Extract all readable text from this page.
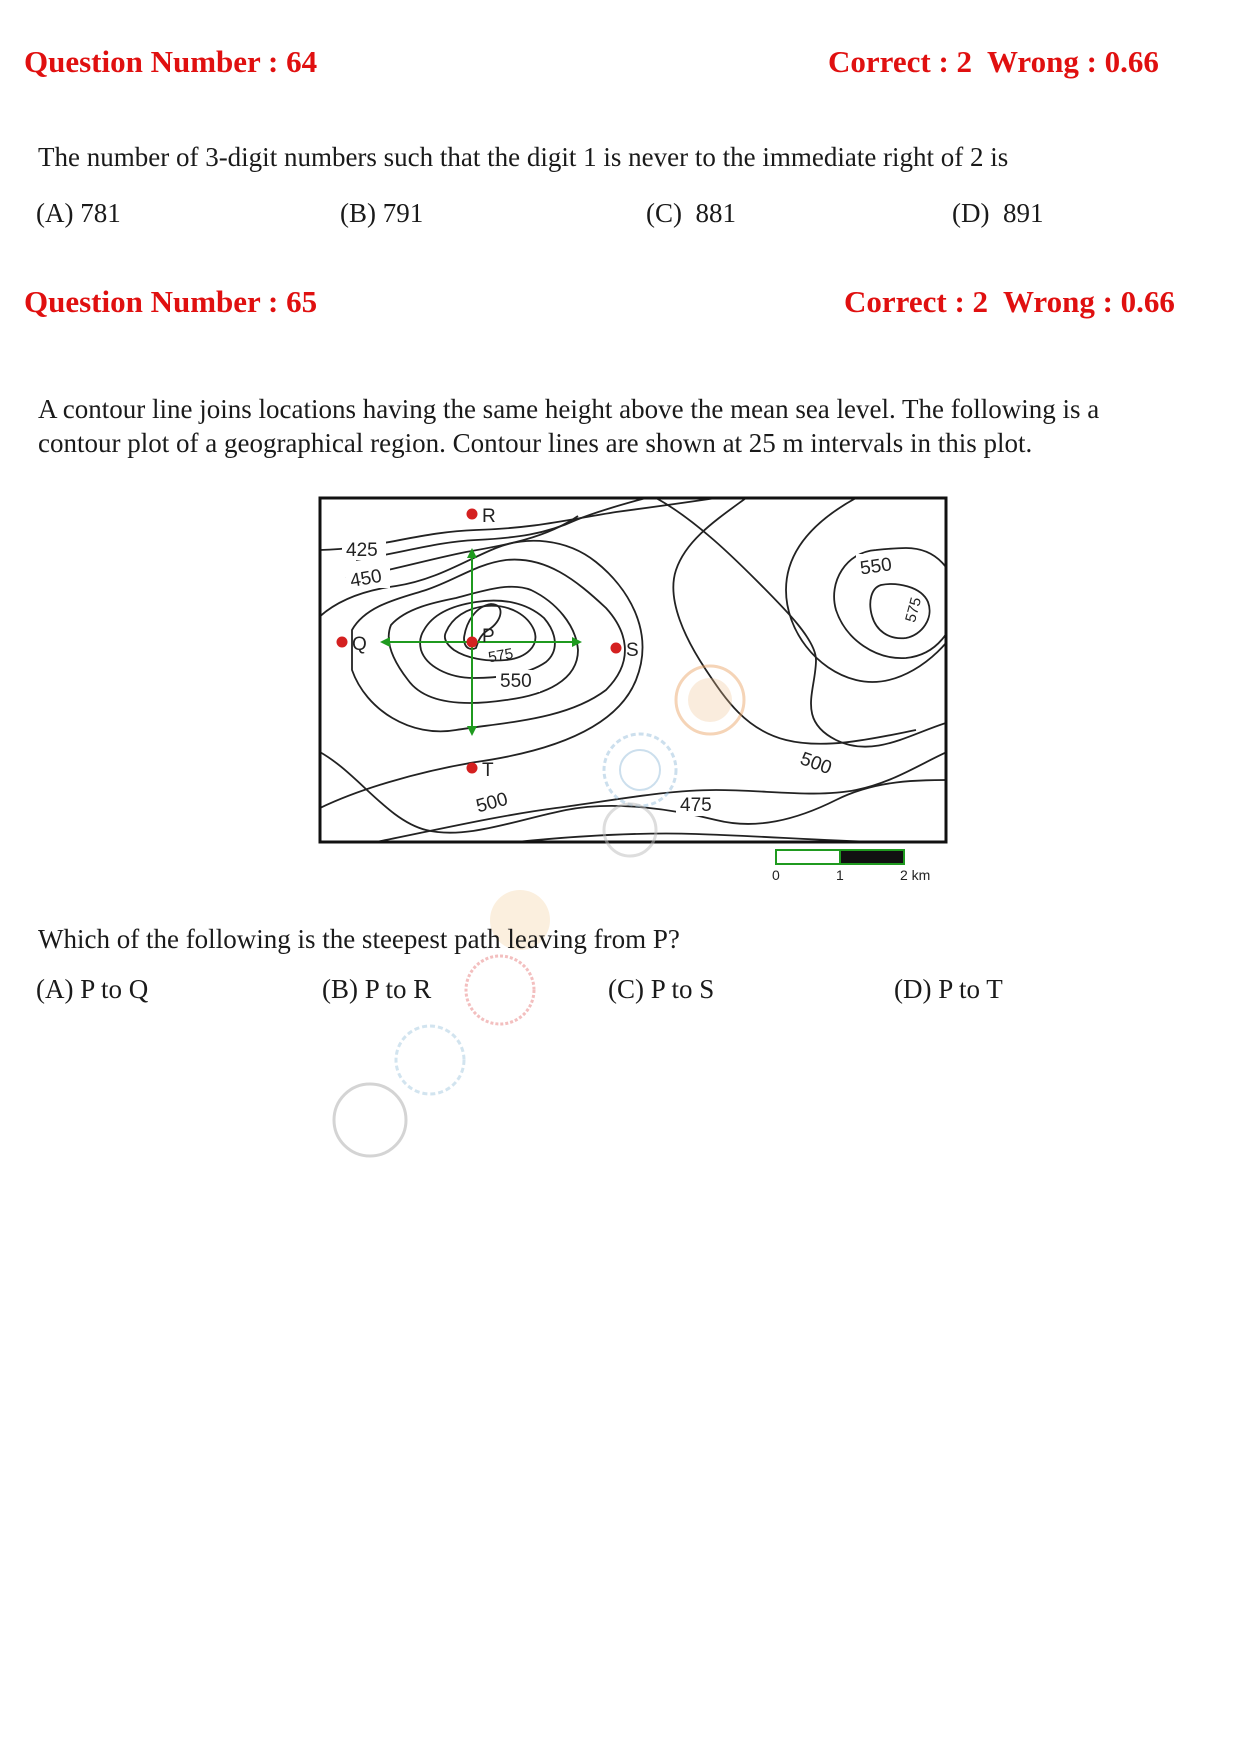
Question Number : 64	Correct : 2  Wrong : 0.66
The number of 3-digit numbers such that the digit 1 is never to the immediate right of 2 is
(A) 781	(B) 791	(C)  881	(D)  891
Question Number : 65	Correct : 2  Wrong : 0.66
A contour line joins locations having the same height above the mean sea level. The following is a
contour plot of a geographical region. Contour lines are shown at 25 m intervals in this plot.
425
450
575
550
500	475
550
575
500
R
Q	P
S
T
0	1	2 km
Which of the following is the steepest path leaving from P?
(A) P to Q	(B) P to R	(C) P to S	(D) P to T
